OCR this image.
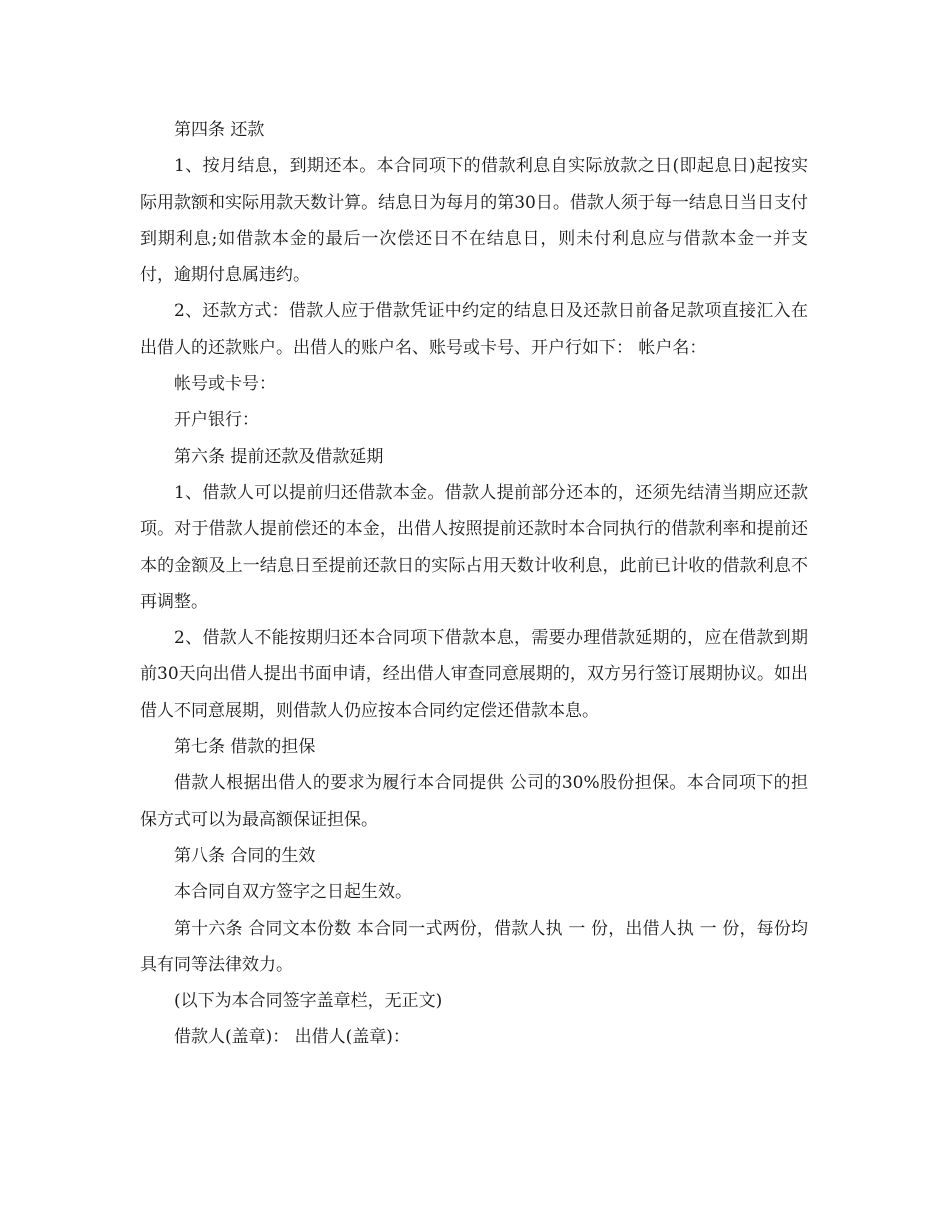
第四条 还款

1、按月结息，到期还本。本合同项下的借款利息自实际放款之日(即起息日)起按实际用款额和实际用款天数计算。结息日为每月的第30日。借款人须于每一结息日当日支付到期利息;如借款本金的最后一次偿还日不在结息日，则未付利息应与借款本金一并支付，逾期付息属违约。

2、还款方式：借款人应于借款凭证中约定的结息日及还款日前备足款项直接汇入在出借人的还款账户。出借人的账户名、账号或卡号、开户行如下： 帐户名：

帐号或卡号：

开户银行：

第六条 提前还款及借款延期

1、借款人可以提前归还借款本金。借款人提前部分还本的，还须先结清当期应还款项。对于借款人提前偿还的本金，出借人按照提前还款时本合同执行的借款利率和提前还本的金额及上一结息日至提前还款日的实际占用天数计收利息，此前已计收的借款利息不再调整。

2、借款人不能按期归还本合同项下借款本息，需要办理借款延期的，应在借款到期前30天向出借人提出书面申请，经出借人审查同意展期的，双方另行签订展期协议。如出借人不同意展期，则借款人仍应按本合同约定偿还借款本息。

第七条 借款的担保

借款人根据出借人的要求为履行本合同提供 公司的30%股份担保。本合同项下的担保方式可以为最高额保证担保。

第八条 合同的生效

本合同自双方签字之日起生效。

第十六条 合同文本份数 本合同一式两份，借款人执 一 份，出借人执 一 份，每份均具有同等法律效力。

(以下为本合同签字盖章栏，无正文)

借款人(盖章)： 出借人(盖章)：
